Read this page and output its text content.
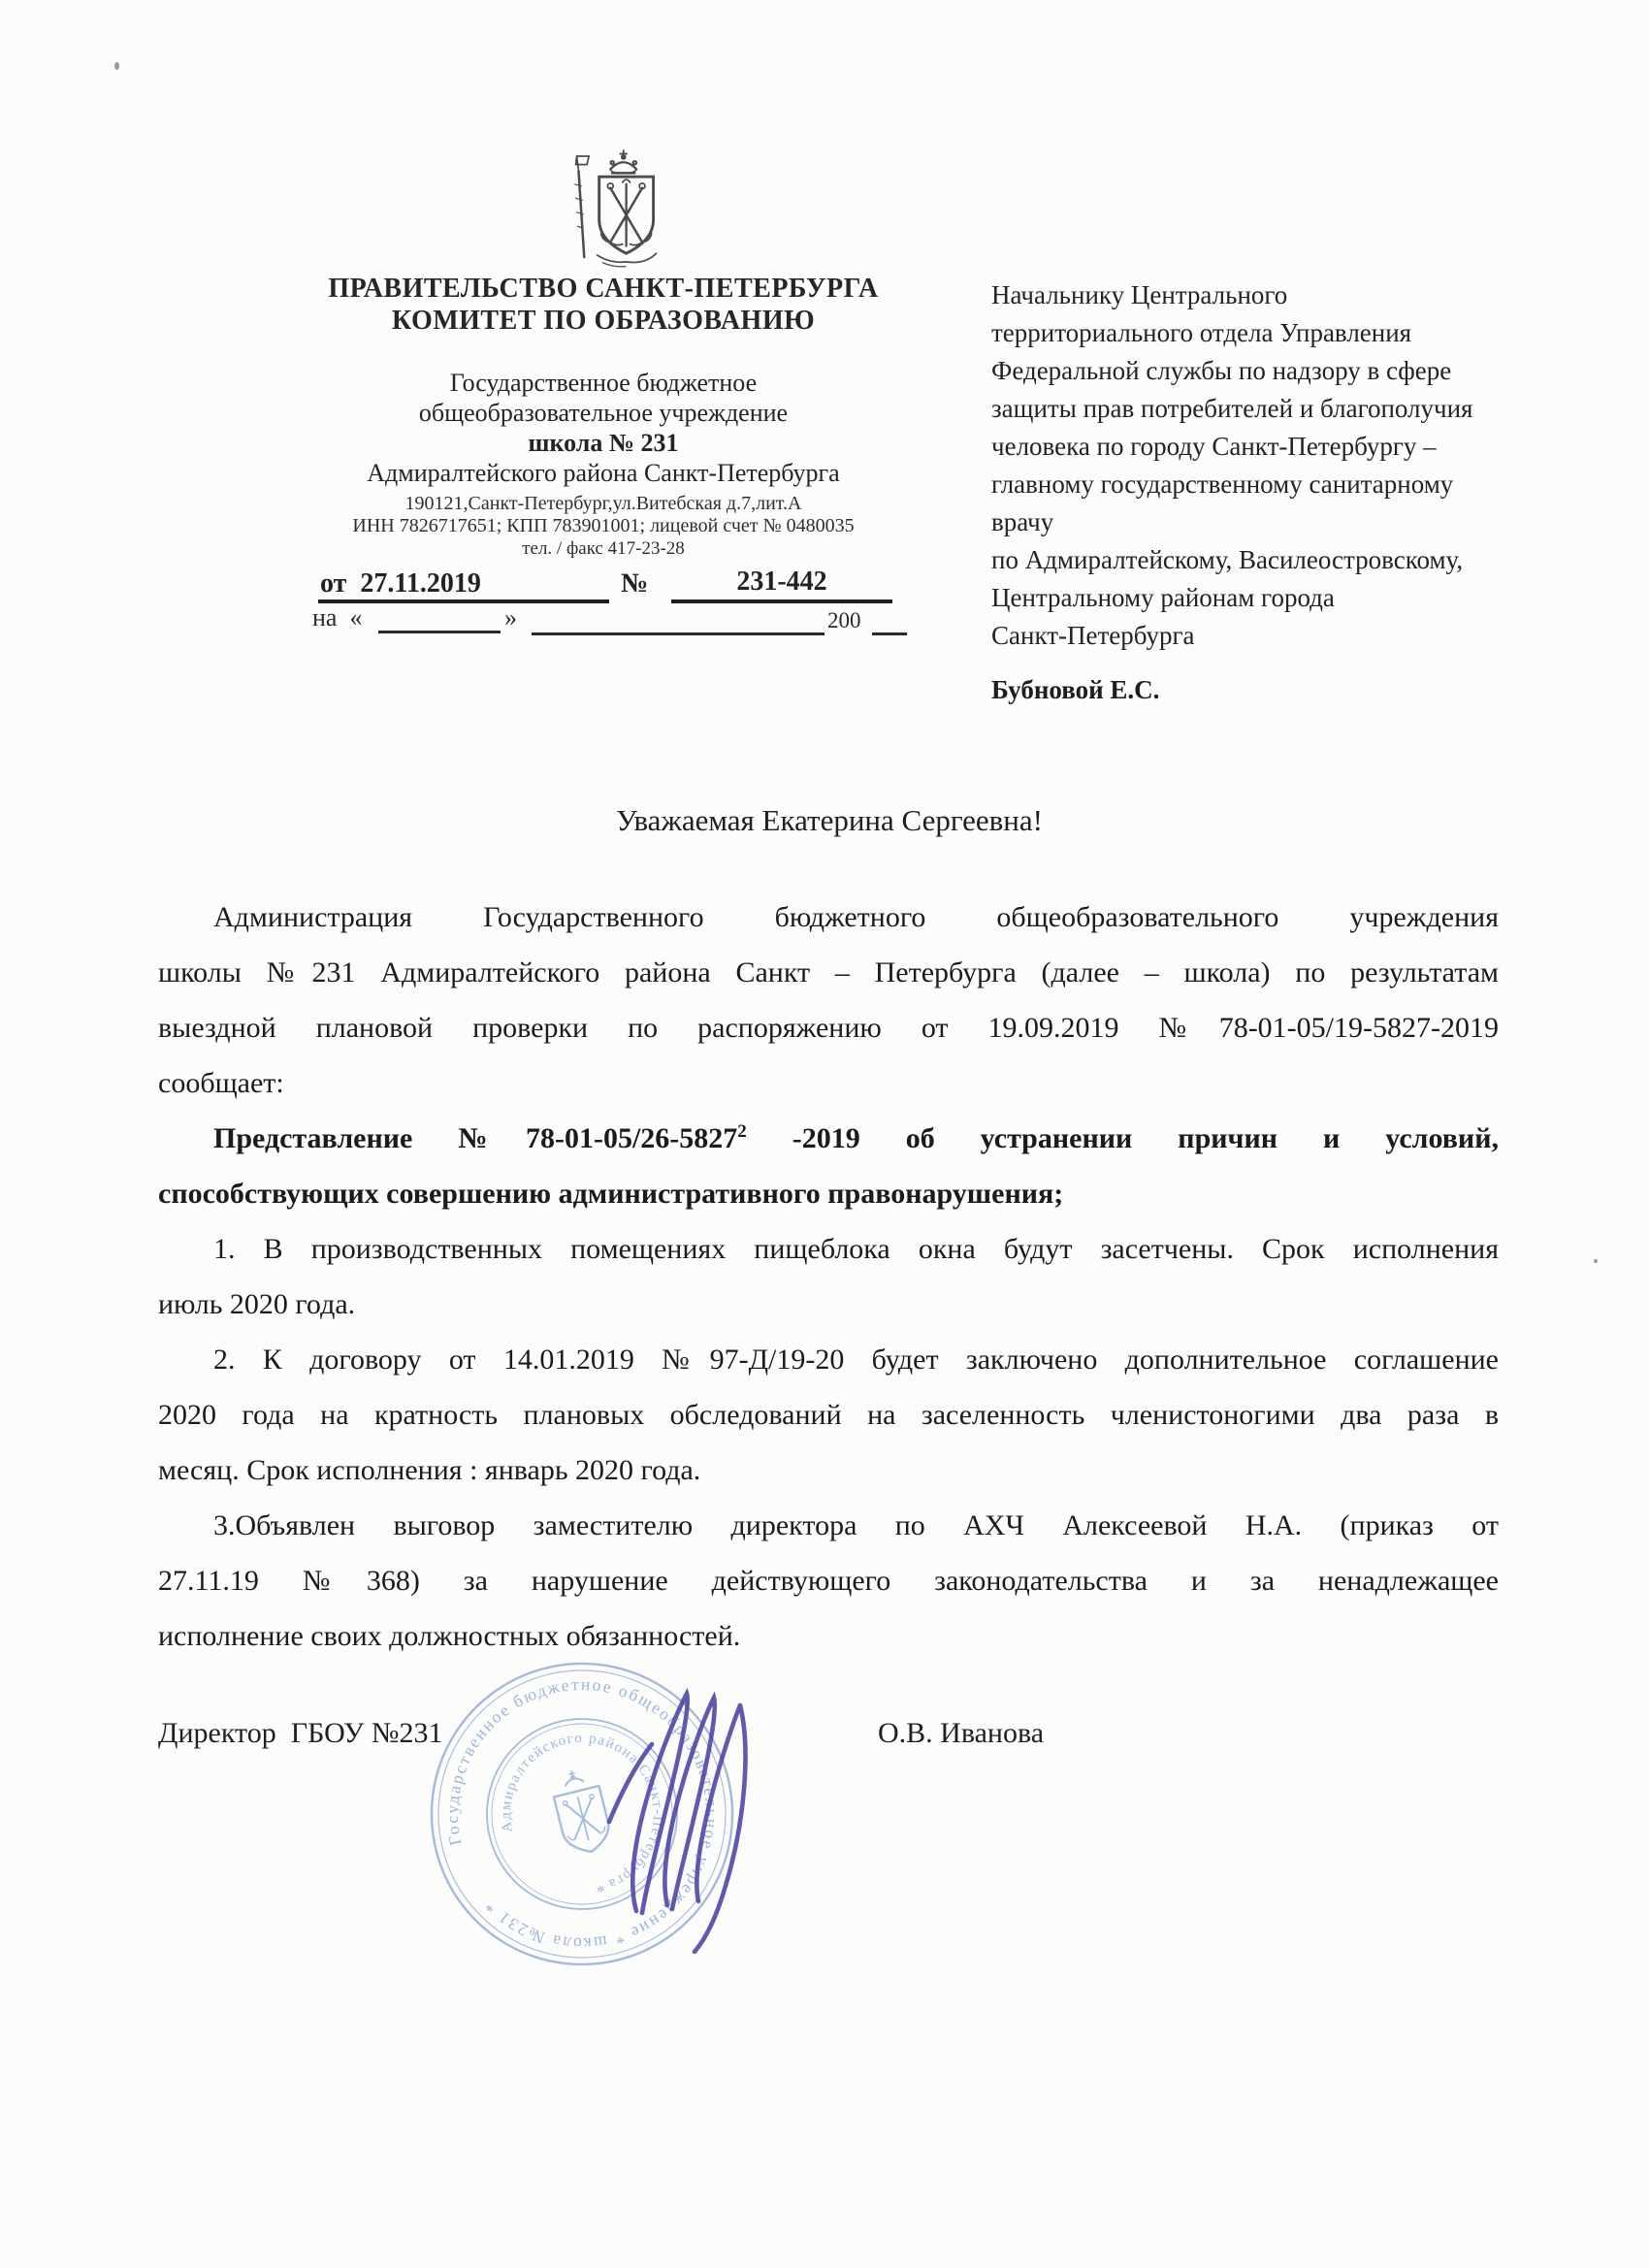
ПРАВИТЕЛЬСТВО САНКТ-ПЕТЕРБУРГА
КОМИТЕТ ПО ОБРАЗОВАНИЮ
Государственное бюджетное
общеобразовательное учреждение
школа № 231
Адмиралтейского района Санкт-Петербурга
190121,Санкт-Петербург,ул.Витебская д.7,лит.А
ИНН 7826717651; КПП 783901001; лицевой счет № 0480035
тел. / факс 417-23-28
от  27.11.2019	№	231-442
на  «	»	200
Начальнику Центрального
территориального отдела Управления
Федеральной службы по надзору в сфере
защиты прав потребителей и благополучия
человека по городу Санкт-Петербургу –
главному государственному санитарному
врачу
по Адмиралтейскому, Василеостровскому,
Центральному районам города
Санкт-Петербурга
Бубновой Е.С.
Уважаемая Екатерина Сергеевна!
Администрация Государственного бюджетного общеобразовательного учреждения
школы №231 Адмиралтейского района Санкт – Петербурга (далее – школа) по результатам
выездной плановой проверки по распоряжению от 19.09.2019 №78-01-05/19-5827-2019
сообщает:
Представление №78-01-05/26-5827$^2$ -2019 об устранении причин и условий,
способствующих совершению административного правонарушения;
1. В производственных помещениях пищеблока окна будут засетчены. Срок исполнения
июль 2020 года.
2. К договору от 14.01.2019 №97-Д/19-20 будет заключено дополнительное соглашение
2020 года на кратность плановых обследований на заселенность членистоногими два раза в
месяц. Срок исполнения : январь 2020 года.
3.Объявлен выговор заместителю директора по АХЧ Алексеевой Н.А. (приказ от
27.11.19 №368) за нарушение действующего законодательства и за ненадлежащее
исполнение своих должностных обязанностей.
Директор  ГБОУ №231	О.В. Иванова
Государственное бюджетное общеобразовательное учреждение * школа №231 *
Адмиралтейского района Санкт-Петербурга
*
